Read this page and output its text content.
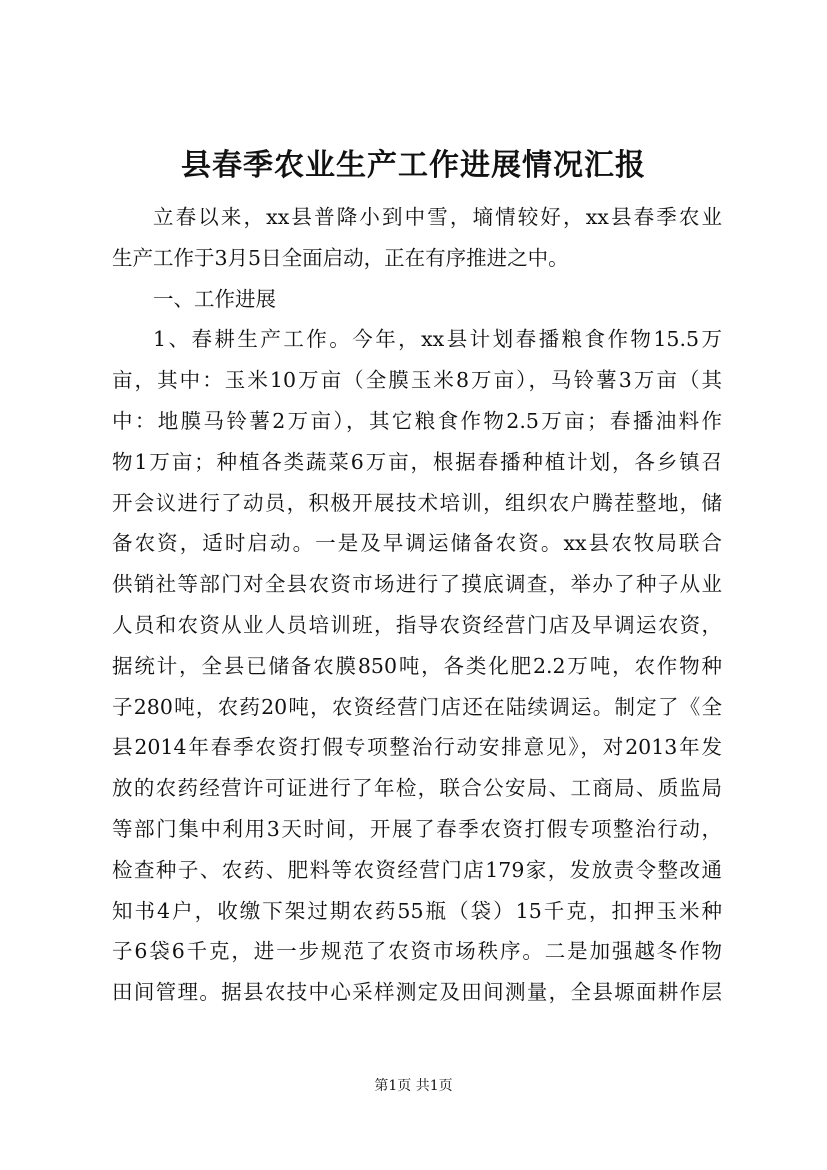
县春季农业生产工作进展情况汇报
立春以来，xx县普降小到中雪，墒情较好，xx县春季农业
生产工作于3月5日全面启动，正在有序推进之中。
一、工作进展
1、春耕生产工作。今年，xx县计划春播粮食作物15.5万
亩，其中：玉米10万亩（全膜玉米8万亩），马铃薯3万亩（其
中：地膜马铃薯2万亩），其它粮食作物2.5万亩；春播油料作
物1万亩；种植各类蔬菜6万亩，根据春播种植计划，各乡镇召
开会议进行了动员，积极开展技术培训，组织农户腾茬整地，储
备农资，适时启动。一是及早调运储备农资。xx县农牧局联合
供销社等部门对全县农资市场进行了摸底调查，举办了种子从业
人员和农资从业人员培训班，指导农资经营门店及早调运农资，
据统计，全县已储备农膜850吨，各类化肥2.2万吨，农作物种
子280吨，农药20吨，农资经营门店还在陆续调运。制定了《全
县2014年春季农资打假专项整治行动安排意见》，对2013年发
放的农药经营许可证进行了年检，联合公安局、工商局、质监局
等部门集中利用3天时间，开展了春季农资打假专项整治行动，
检查种子、农药、肥料等农资经营门店179家，发放责令整改通
知书4户，收缴下架过期农药55瓶（袋）15千克，扣押玉米种
子6袋6千克，进一步规范了农资市场秩序。二是加强越冬作物
田间管理。据县农技中心采样测定及田间测量，全县塬面耕作层
第1页 共1页
